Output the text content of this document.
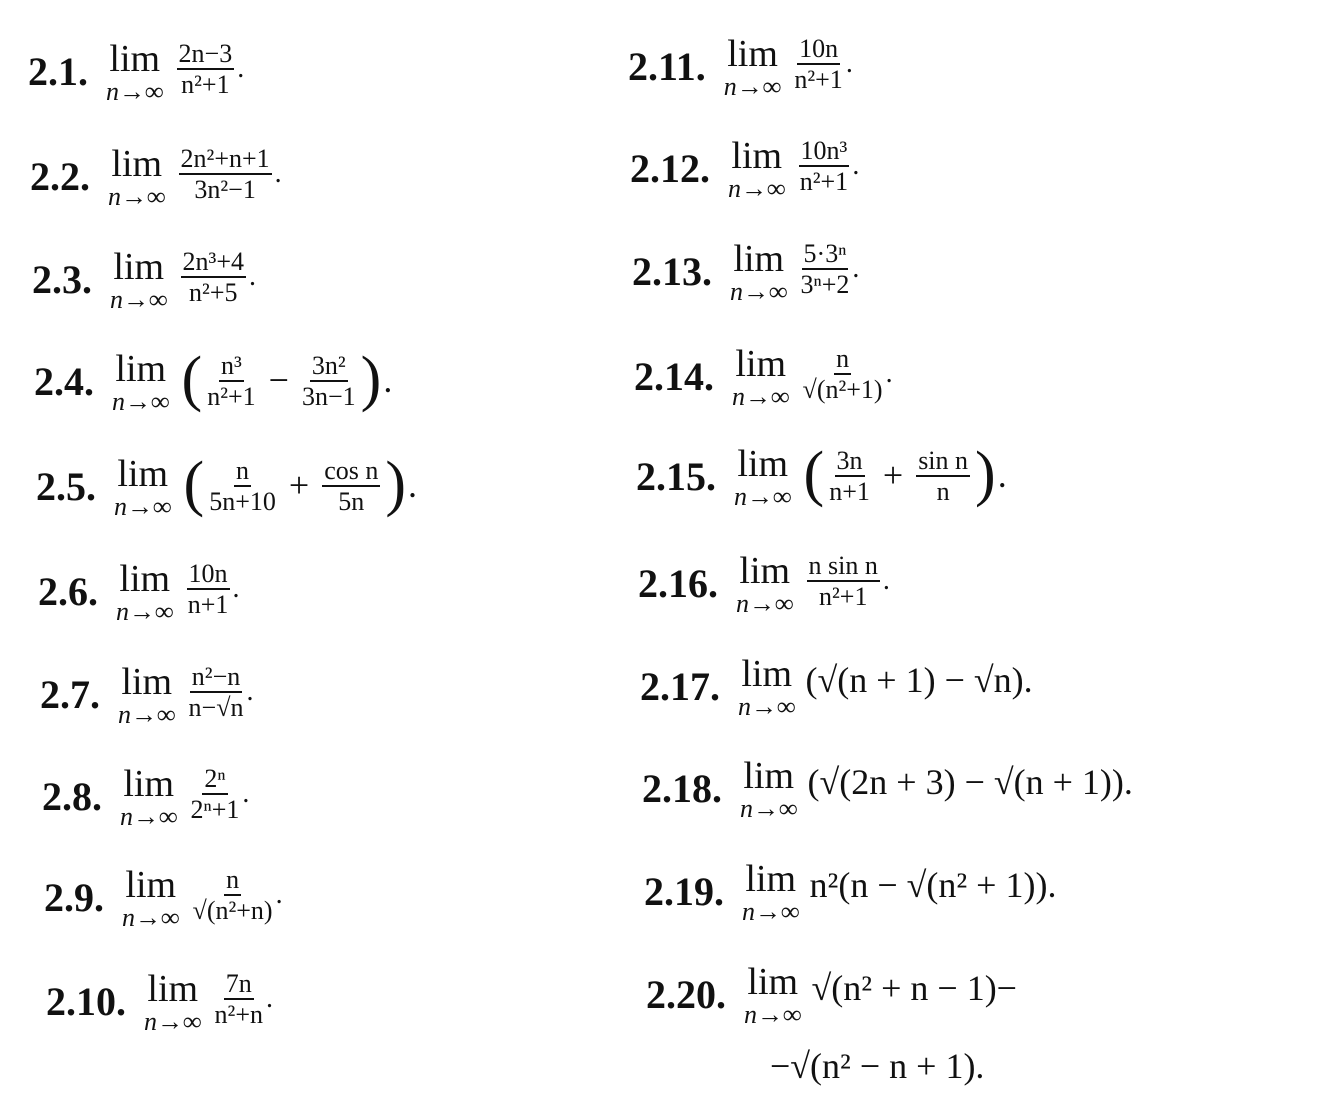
2.1. lim
$n\to\infty \frac{2n-3}{\text{n²+1}}$ .
2.2. lim
$n\to\infty \frac{\text{2n²+n+1}}{\text{3n²−1}}$ .
2.3. lim
$n\to\infty \frac{\text{2n³+4}}{\text{n²+5}}$ .
2.4. lim
n→∞ ( $\frac{\text{n³}}{\text{n²+1}} - \frac{\text{3n²}}{3n-1}$ ) .
2.5. lim
n→∞ ( $\frac{n}{5n+10} + \frac{\text{cos n}}{5n}$ ) .
2.6. lim
$n\to\infty \frac{10n}{n+1}$ .
2.7. lim
$n\to\infty \frac{\text{n²−n}}{n-√n}$ .
2.8. lim
$n\to\infty \frac{\text{2ⁿ}}{\text{2ⁿ+1}}$ .
2.9. lim
$n\to\infty \frac{n}{\text{√(n²+n)}}$ .
2.10. lim
$n\to\infty \frac{7n}{\text{n²+n}}$ .
2.11. lim
$n\to\infty \frac{10n}{\text{n²+1}}$ .
2.12. lim
$n\to\infty \frac{\text{10n³}}{\text{n²+1}}$ .
2.13. lim
$n\to\infty \frac{\text{5·3ⁿ}}{\text{3ⁿ+2}}$ .
2.14. lim
$n\to\infty \frac{n}{\text{√(n²+1)}}$ .
2.15. lim
n→∞ ( $\frac{3n}{n+1} + \frac{\text{sin n}}{n}$ ) .
2.16. lim
$n\to\infty \frac{\text{n sin n}}{\text{n²+1}}$ .
2.17. lim
n→∞
(√(n + 1) − √n).
2.18. lim
n→∞
(√(2n + 3) − √(n + 1)).
2.19. lim
n→∞
n²(n − √(n² + 1)).
2.20. lim
n→∞
√(n² + n − 1)−
−√(n² − n + 1).
